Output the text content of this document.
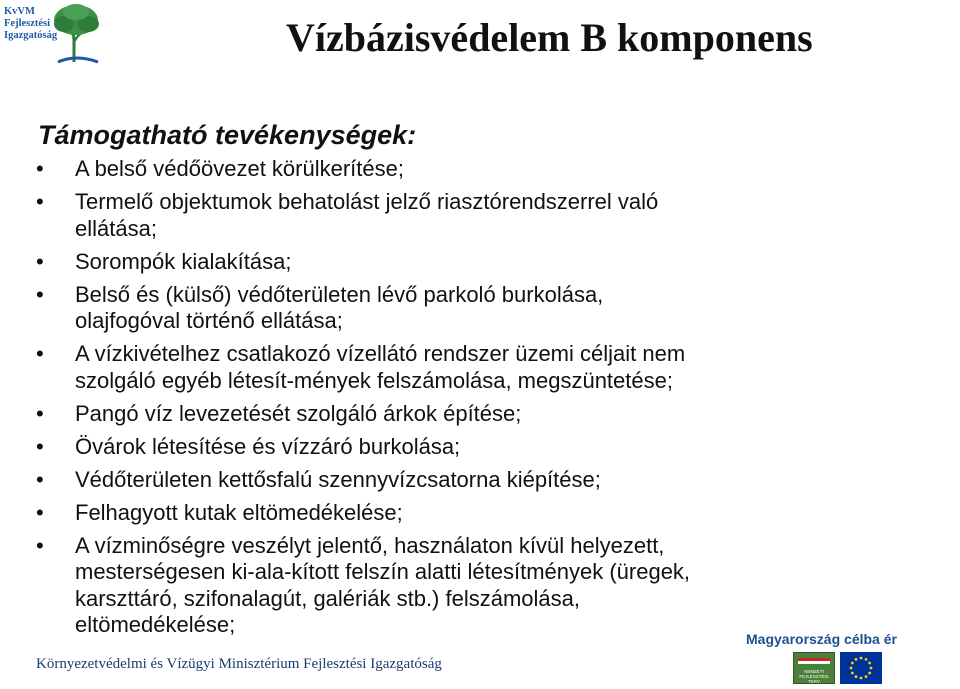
KvVM
Fejlesztési
Igazgatóság	Vízbázisvédelem B komponens
Támogatható tevékenységek:
• A belső védőövezet körülkerítése;
• Termelő objektumok behatolást jelző riasztórendszerrel való
ellátása;
• Sorompók kialakítása;
• Belső és (külső) védőterületen lévő parkoló burkolása,
olajfogóval történő ellátása;
• A vízkivételhez csatlakozó vízellátó rendszer üzemi céljait nem
szolgáló egyéb létesít-mények felszámolása, megszüntetése;
• Pangó víz levezetését szolgáló árkok építése;
• Övárok létesítése és vízzáró burkolása;
• Védőterületen kettősfalú szennyvízcsatorna kiépítése;
• Felhagyott kutak eltömedékelése;
• A vízminőségre veszélyt jelentő, használaton kívül helyezett,
mesterségesen ki-ala-kított felszín alatti létesítmények (üregek,
karszttáró, szifonalagút, galériák stb.) felszámolása,
eltömedékelése;
Környezetvédelmi és Vízügyi Minisztérium Fejlesztési Igazgatóság
Magyarország célba ér
NEMZETI
FEJLESZTÉSI
TERV
